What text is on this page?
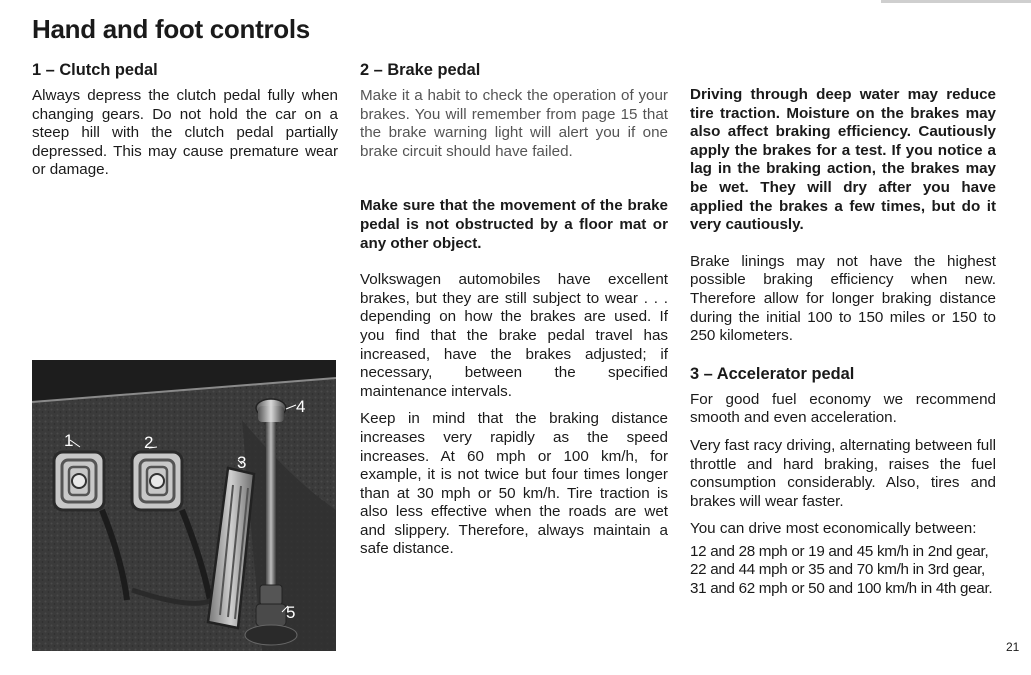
Hand and foot controls
1 – Clutch pedal

Always depress the clutch pedal fully when changing gears. Do not hold the car on a steep hill with the clutch pedal partially depressed. This may cause premature wear or damage.

1	2
3
4
5
2 – Brake pedal

Make it a habit to check the operation of your brakes. You will remember from page 15 that the brake warning light will alert you if one brake circuit should have failed.

Make sure that the movement of the brake pedal is not obstructed by a floor mat or any other object.

Volkswagen automobiles have excellent brakes, but they are still subject to wear . . . depending on how the brakes are used. If you find that the brake pedal travel has increased, have the brakes adjusted; if necessary, between the specified maintenance intervals.

Keep in mind that the braking distance increases very rapidly as the speed increases. At 60 mph or 100 km/h, for example, it is not twice but four times longer than at 30 mph or 50 km/h. Tire traction is also less effective when the roads are wet and slippery. Therefore, always maintain a safe distance.

Driving through deep water may reduce tire traction. Moisture on the brakes may also affect braking efficiency. Cautiously apply the brakes for a test. If you notice a lag in the braking action, the brakes may be wet. They will dry after you have applied the brakes a few times, but do it very cautiously.

Brake linings may not have the highest possible braking efficiency when new. Therefore allow for longer braking distance during the initial 100 to 150 miles or 150 to 250 kilometers.

3 – Accelerator pedal

For good fuel economy we recommend smooth and even acceleration.

Very fast racy driving, alternating between full throttle and hard braking, raises the fuel consumption considerably. Also, tires and brakes will wear faster.

You can drive most economically between:

12 and 28 mph or 19 and 45 km/h in 2nd gear,

22 and 44 mph or 35 and 70 km/h in 3rd gear,

31 and 62 mph or 50 and 100 km/h in 4th gear.

21
